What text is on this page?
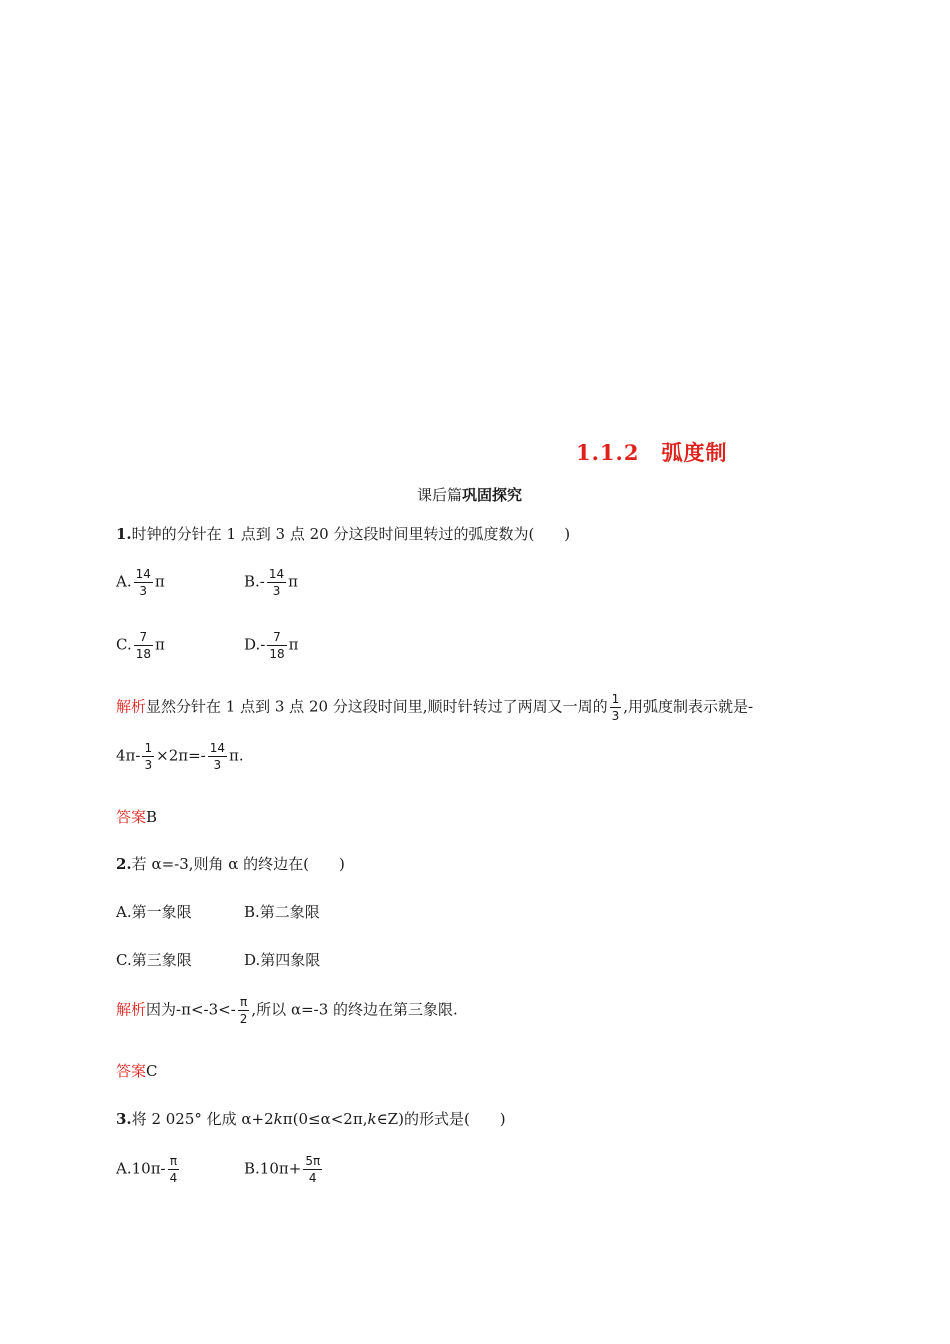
1.1.2　弧度制
课后篇巩固探究
1.时钟的分针在 1 点到 3 点 20 分这段时间里转过的弧度数为(　　)
A. $\frac{14}{3}$ π	$B.- \frac{14}{3}$ π
C. $\frac{7}{18}$ π	$D.- \frac{7}{18}$ π
解析显然分针在 1 点到 3 点 20 分这段时间里,顺时针转过了两周又一周的 $\frac{1}{3}$ ,用弧度制表示就是-
$4\pi- \frac{1}{3} \times 2\pi=- \frac{14}{3} \pi$.
答案B
2.若 α=-3,则角 α 的终边在(　　)
A.第一象限	B.第二象限
C.第三象限	D.第四象限
解析因为$-\pi<-3<- \frac{\pi}{2}$ ,所以 α=-3 的终边在第三象限.
答案C
3.将 2 025° 化成 α+2kπ(0≤α<2π,k∈Z)的形式是(　　)
$A.10\pi- \frac{\pi}{4}$	$B.10\pi+ \frac{5\pi}{4}$
